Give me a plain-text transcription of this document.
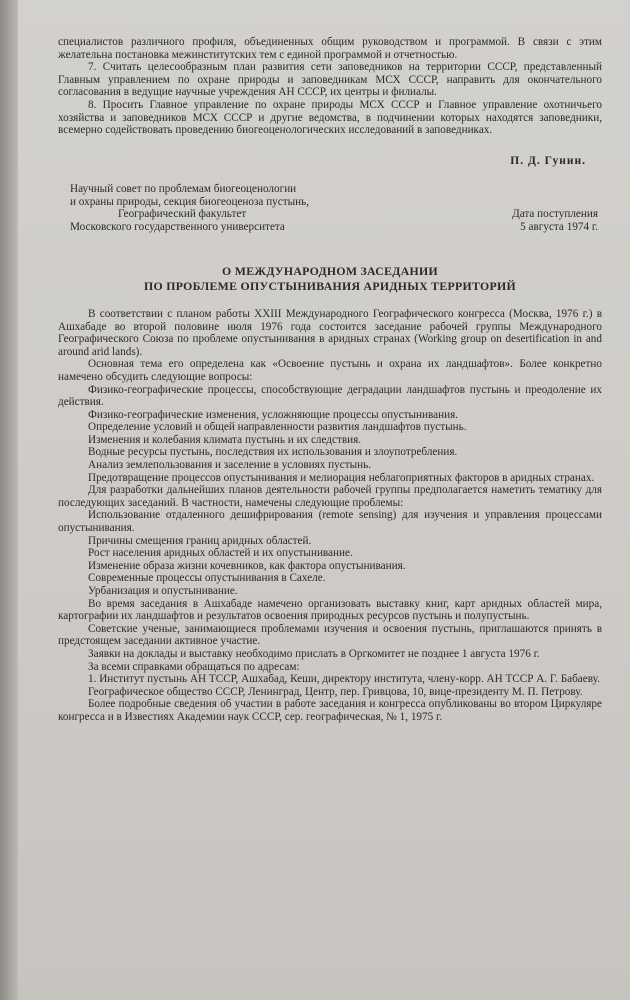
специалистов различного профиля, объединенных общим руководством и программой. В связи с этим желательна постановка межинститутских тем с единой программой и отчетностью.

7. Считать целесообразным план развития сети заповедников на территории СССР, представленный Главным управлением по охране природы и заповедникам МСХ СССР, направить для окончательного согласования в ведущие научные учреждения АН СССР, их центры и филиалы.

8. Просить Главное управление по охране природы МСХ СССР и Главное управление охотничьего хозяйства и заповедников МСХ СССР и другие ведомства, в подчинении которых находятся заповедники, всемерно содействовать проведению биогеоценологических исследований в заповедниках.

П. Д. Гунин.
Научный совет по проблемам биогеоценологии
и охраны природы, секция биогеоценоза пустынь,
Географический факультет
Московского государственного университета
Дата поступления
5 августа 1974 г.
О МЕЖДУНАРОДНОМ ЗАСЕДАНИИ
ПО ПРОБЛЕМЕ ОПУСТЫНИВАНИЯ АРИДНЫХ ТЕРРИТОРИЙ

В соответствии с планом работы XXIII Международного Географического конгресса (Москва, 1976 г.) в Ашхабаде во второй половине июля 1976 года состоится заседание рабочей группы Международного Географического Союза по проблеме опустынивания в аридных странах (Working group on desertification in and around arid lands).

Основная тема его определена как «Освоение пустынь и охрана их ландшафтов». Более конкретно намечено обсудить следующие вопросы:

Физико-географические процессы, способствующие деградации ландшафтов пустынь и преодоление их действия.

Физико-географические изменения, усложняющие процессы опустынивания.

Определение условий и общей направленности развития ландшафтов пустынь.

Изменения и колебания климата пустынь и их следствия.

Водные ресурсы пустынь, последствия их использования и злоупотребления.

Анализ землепользования и заселение в условиях пустынь.

Предотвращение процессов опустынивания и мелиорация неблагоприятных факторов в аридных странах.

Для разработки дальнейших планов деятельности рабочей группы предполагается наметить тематику для последующих заседаний. В частности, намечены следующие проблемы:

Использование отдаленного дешифрирования (remote sensing) для изучения и управления процессами опустынивания.

Причины смещения границ аридных областей.

Рост населения аридных областей и их опустынивание.

Изменение образа жизни кочевников, как фактора опустынивания.

Современные процессы опустынивания в Сахеле.

Урбанизация и опустынивание.

Во время заседания в Ашхабаде намечено организовать выставку книг, карт аридных областей мира, картографии их ландшафтов и результатов освоения природных ресурсов пустынь и полупустынь.

Советские ученые, занимающиеся проблемами изучения и освоения пустынь, приглашаются принять в предстоящем заседании активное участие.

Заявки на доклады и выставку необходимо прислать в Оргкомитет не позднее 1 августа 1976 г.

За всеми справками обращаться по адресам:

1. Институт пустынь АН ТССР, Ашхабад, Кеши, директору института, члену-корр. АН ТССР А. Г. Бабаеву.

Географическое общество СССР, Ленинград, Центр, пер. Гривцова, 10, вице-президенту М. П. Петрову.

Более подробные сведения об участии в работе заседания и конгресса опубликованы во втором Циркуляре конгресса и в Известиях Академии наук СССР, сер. географическая, № 1, 1975 г.
